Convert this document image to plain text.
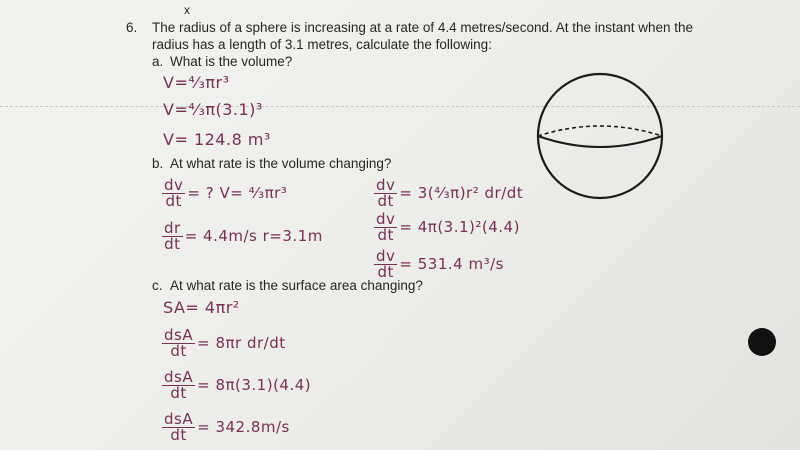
x
6. The radius of a sphere is increasing at a rate of 4.4 metres/second. At the instant when the
radius has a length of 3.1 metres, calculate the following:
a. What is the volume?
V=⁴⁄₃πr³
V=⁴⁄₃π(3.1)³
V= 124.8 m³
b. At what rate is the volume changing?
$\frac{dv}{dt}$ = ? V= ⁴⁄₃πr³
$\frac{dr}{dt} = 4.4m/s$ r=3.1m
$\frac{dv}{dt}$ = 3(⁴⁄₃π)r² dr/dt
$\frac{dv}{dt} = 4\pi(3.1)^2(4.4)$
$\frac{dv}{dt} = 531.4$ m³/s
c. At what rate is the surface area changing?
SA= 4πr²
$\frac{\text{dsA}}{dt} = 8\pi r$ dr/dt
$\frac{\text{dsA}}{dt} = 8\pi(3.1)(4.4)$
$\frac{\text{dsA}}{dt} = 342.8m/s$
